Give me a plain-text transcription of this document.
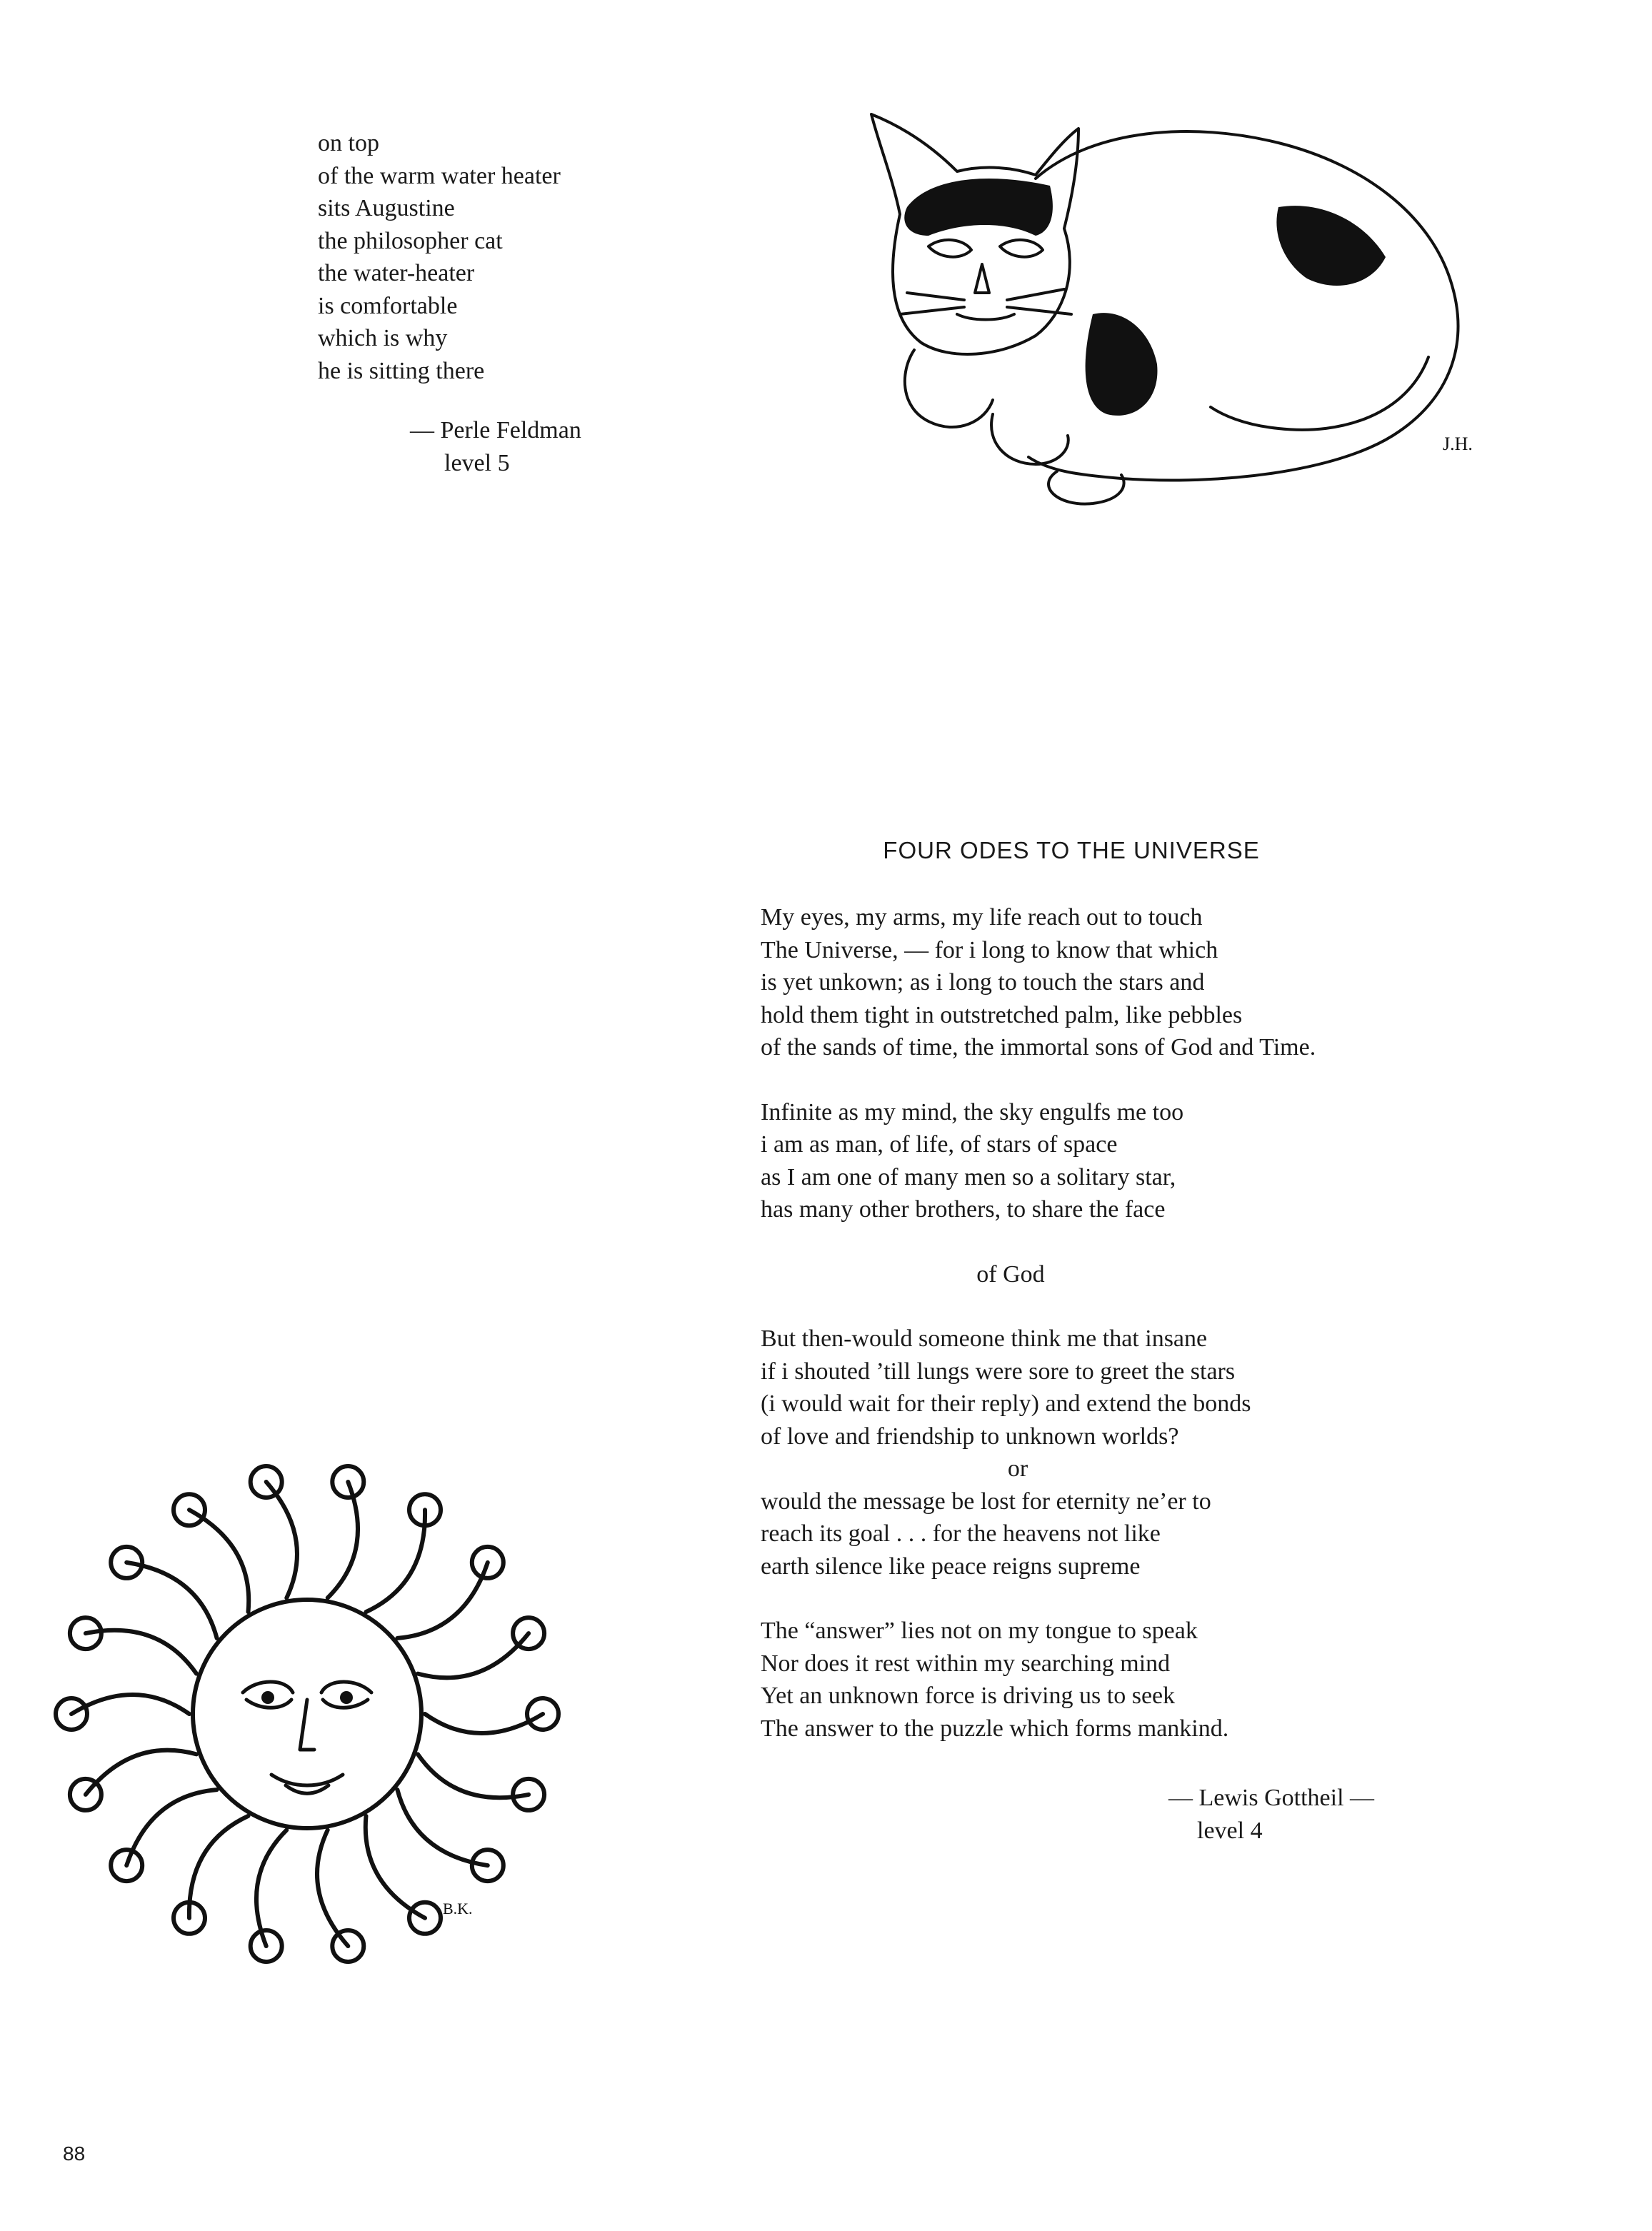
on top
of the warm water heater
sits Augustine
the philosopher cat
the water-heater
is comfortable
which is why
he is sitting there
— Perle Feldman
level 5
J.H.
FOUR ODES TO THE UNIVERSE
My eyes, my arms, my life reach out to touch
The Universe, — for i long to know that which
is yet unkown; as i long to touch the stars and
hold them tight in outstretched palm, like pebbles
of the sands of time, the immortal sons of God and Time.
Infinite as my mind, the sky engulfs me too
i am as man, of life, of stars of space
as I am one of many men so a solitary star,
has many other brothers, to share the face
of God
But then-would someone think me that insane
if i shouted ’till lungs were sore to greet the stars
(i would wait for their reply) and extend the bonds
of love and friendship to unknown worlds?
or
would the message be lost for eternity ne’er to
reach its goal . . . for the heavens not like
earth silence like peace reigns supreme
The “answer” lies not on my tongue to speak
Nor does it rest within my searching mind
Yet an unknown force is driving us to seek
The answer to the puzzle which forms mankind.
— Lewis Gottheil —
level 4
B.K.
88
